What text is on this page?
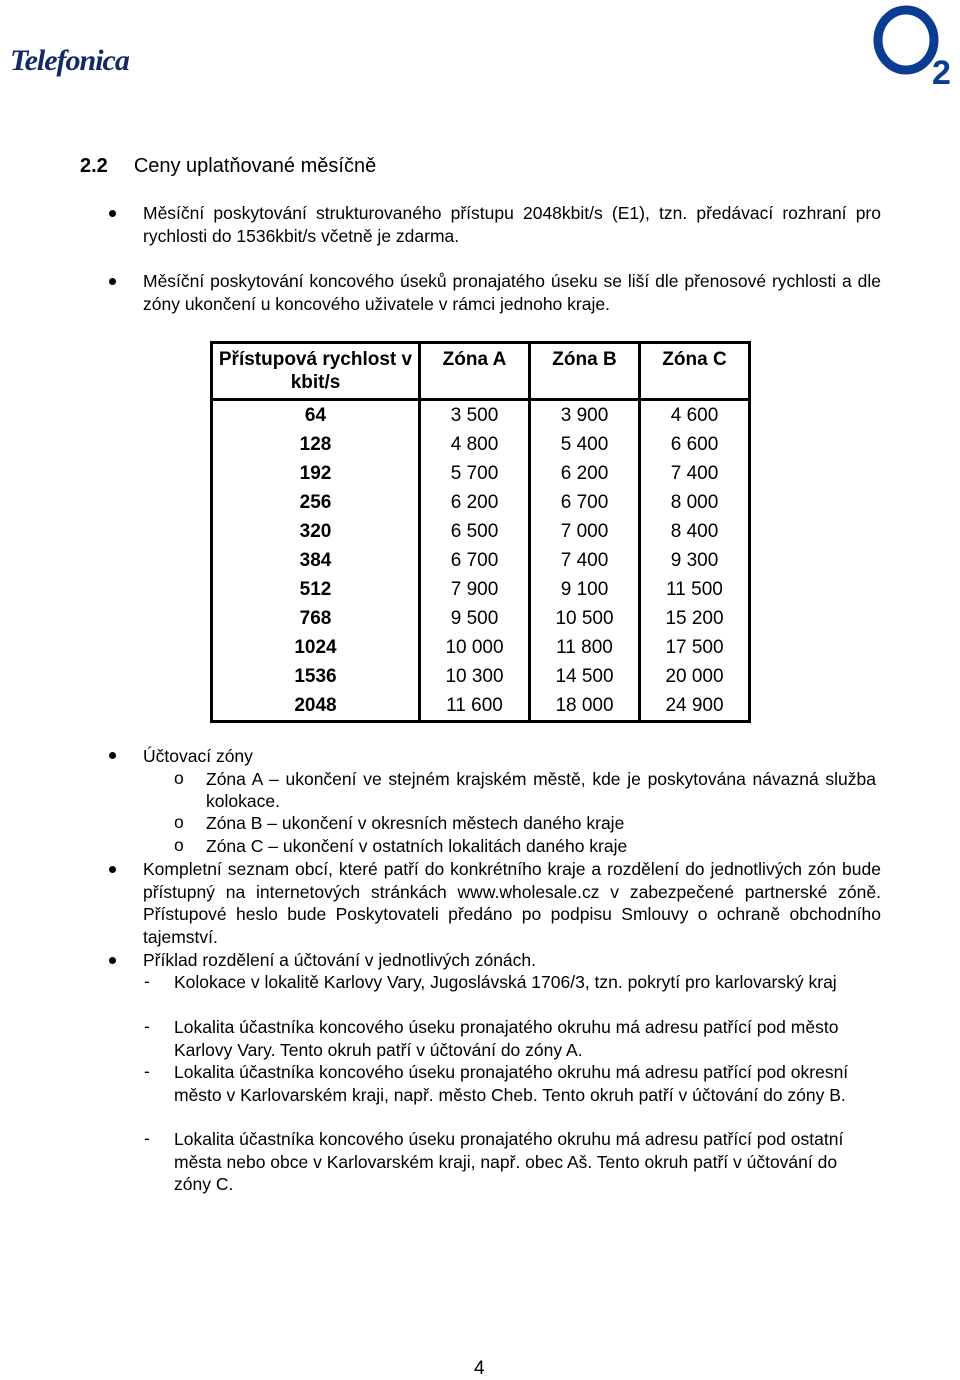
Telefonica	2
2.2 Ceny uplatňované měsíčně
Měsíční poskytování strukturovaného přístupu 2048kbit/s (E1), tzn. předávací rozhraní pro rychlosti do 1536kbit/s včetně je zdarma.
Měsíční poskytování koncového úseků pronajatého úseku se liší dle přenosové rychlosti a dle zóny ukončení u koncového uživatele v rámci jednoho kraje.
Přístupová rychlost v kbit/s	Zóna A	Zóna B	Zóna C
64	3 500	3 900	4 600
128	4 800	5 400	6 600
192	5 700	6 200	7 400
256	6 200	6 700	8 000
320	6 500	7 000	8 400
384	6 700	7 400	9 300
512	7 900	9 100	11 500
768	9 500	10 500	15 200
1024	10 000	11 800	17 500
1536	10 300	14 500	20 000
2048	11 600	18 000	24 900
Účtovací zóny
o Zóna A – ukončení ve stejném krajském městě, kde je poskytována návazná služba kolokace.
o Zóna B – ukončení v okresních městech daného kraje
o Zóna C – ukončení v ostatních lokalitách daného kraje
Kompletní seznam obcí, které patří do konkrétního kraje a rozdělení do jednotlivých zón bude přístupný na internetových stránkách www.wholesale.cz v zabezpečené partnerské zóně. Přístupové heslo bude Poskytovateli předáno po podpisu Smlouvy o ochraně obchodního tajemství.
Příklad rozdělení a účtování v jednotlivých zónách.
- Kolokace v lokalitě Karlovy Vary, Jugoslávská 1706/3, tzn. pokrytí pro karlovarský kraj
- Lokalita účastníka koncového úseku pronajatého okruhu má adresu patřící pod město Karlovy Vary. Tento okruh patří v účtování do zóny A.
- Lokalita účastníka koncového úseku pronajatého okruhu má adresu patřící pod okresní město v Karlovarském kraji, např. město Cheb. Tento okruh patří v účtování do zóny B.
- Lokalita účastníka koncového úseku pronajatého okruhu má adresu patřící pod ostatní města nebo obce v Karlovarském kraji, např. obec Aš. Tento okruh patří v účtování do zóny C.
4
